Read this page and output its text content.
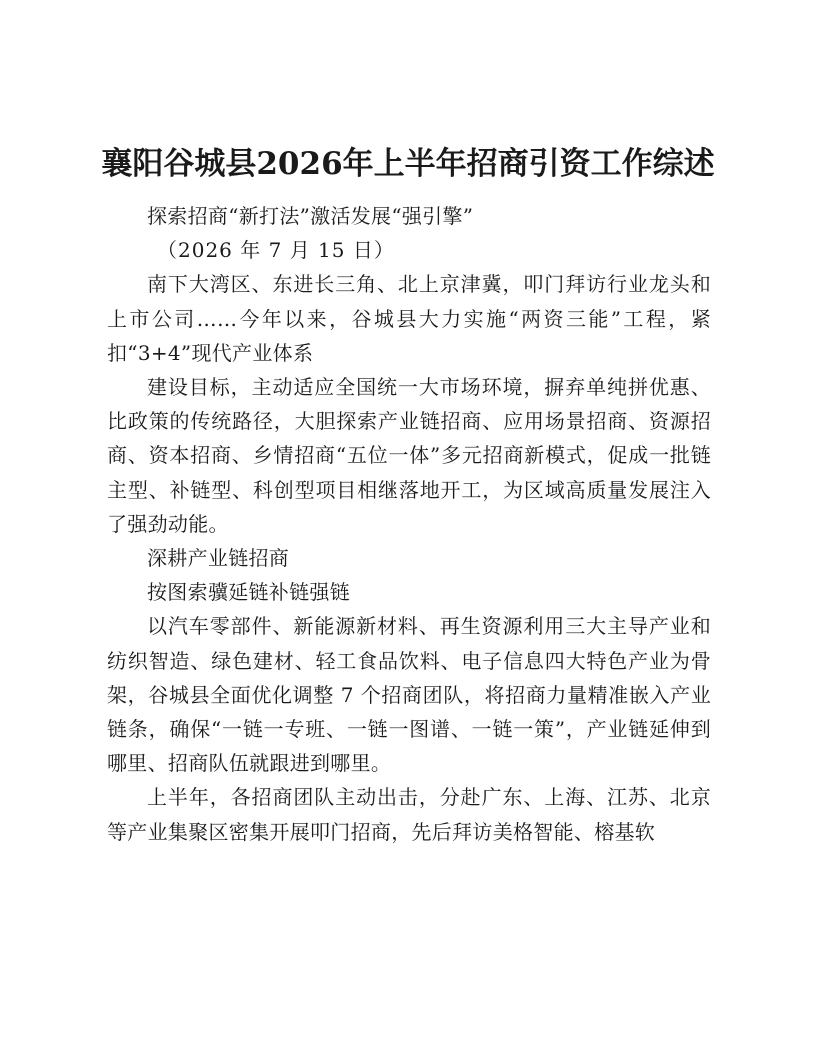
襄阳谷城县2026年上半年招商引资工作综述

探索招商“新打法”激活发展“强引擎”

（2026 年 7 月 15 日）

南下大湾区、东进长三角、北上京津冀，叩门拜访行业龙头和上市公司……今年以来，谷城县大力实施“两资三能”工程，紧扣“3+4”现代产业体系

建设目标，主动适应全国统一大市场环境，摒弃单纯拼优惠、比政策的传统路径，大胆探索产业链招商、应用场景招商、资源招商、资本招商、乡情招商“五位一体”多元招商新模式，促成一批链主型、补链型、科创型项目相继落地开工，为区域高质量发展注入了强劲动能。

深耕产业链招商

按图索骥延链补链强链

以汽车零部件、新能源新材料、再生资源利用三大主导产业和纺织智造、绿色建材、轻工食品饮料、电子信息四大特色产业为骨架，谷城县全面优化调整 7 个招商团队，将招商力量精准嵌入产业链条，确保“一链一专班、一链一图谱、一链一策”，产业链延伸到哪里、招商队伍就跟进到哪里。

上半年，各招商团队主动出击，分赴广东、上海、江苏、北京等产业集聚区密集开展叩门招商，先后拜访美格智能、榕基软
